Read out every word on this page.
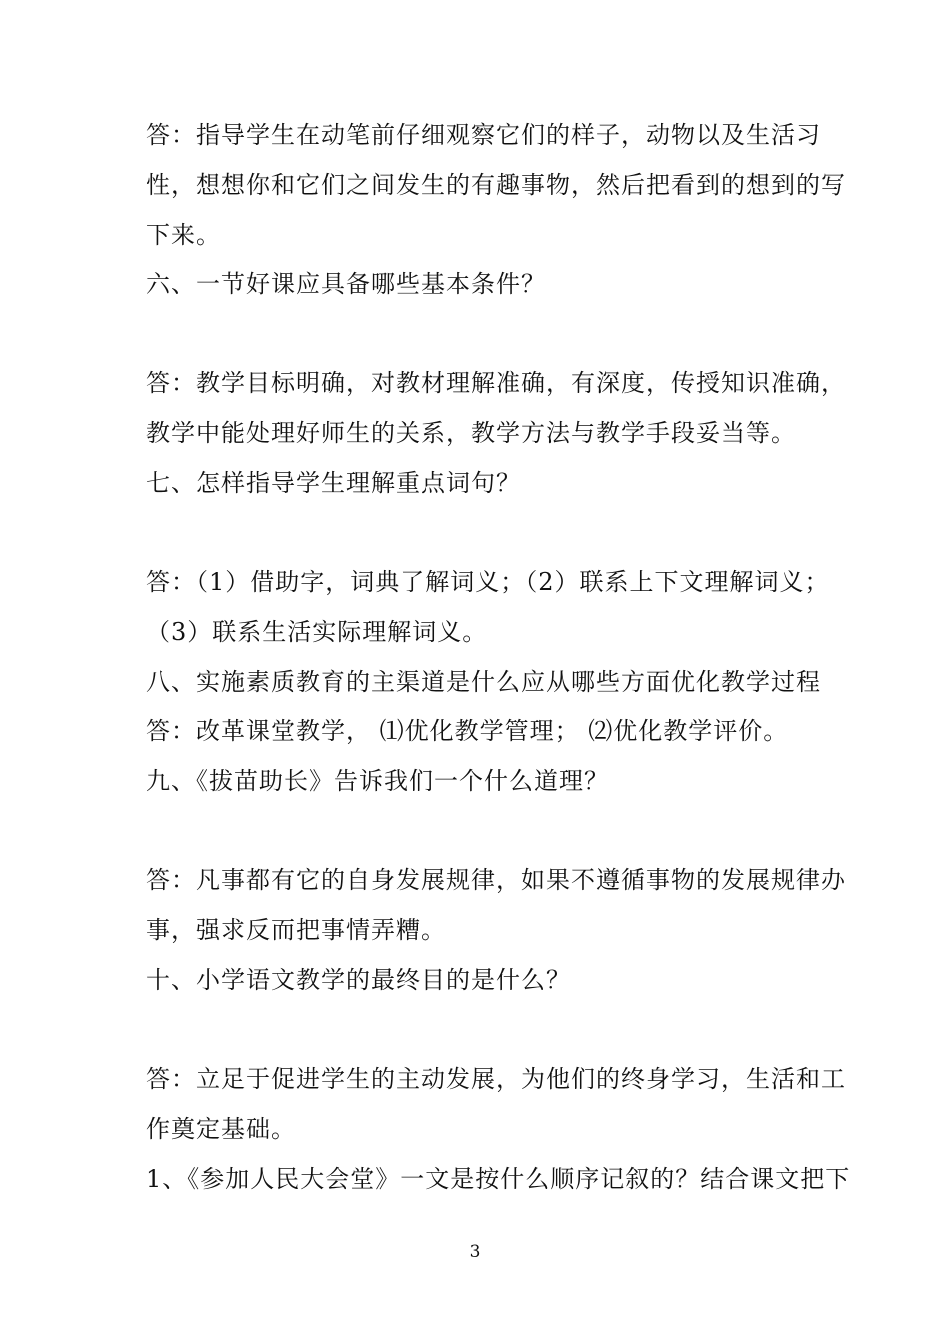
答：指导学生在动笔前仔细观察它们的样子，动物以及生活习
性，想想你和它们之间发生的有趣事物，然后把看到的想到的写
下来。
六、一节好课应具备哪些基本条件？
答：教学目标明确，对教材理解准确，有深度，传授知识准确，
教学中能处理好师生的关系，教学方法与教学手段妥当等。
七、怎样指导学生理解重点词句？
答：（1）借助字，词典了解词义；（2）联系上下文理解词义；
（3）联系生活实际理解词义。
八、实施素质教育的主渠道是什么应从哪些方面优化教学过程
答：改革课堂教学， ⑴优化教学管理； ⑵优化教学评价。
九、《拔苗助长》告诉我们一个什么道理？
答：凡事都有它的自身发展规律，如果不遵循事物的发展规律办
事，强求反而把事情弄糟。
十、小学语文教学的最终目的是什么？
答：立足于促进学生的主动发展，为他们的终身学习，生活和工
作奠定基础。
1、《参加人民大会堂》一文是按什么顺序记叙的？结合课文把下
3
